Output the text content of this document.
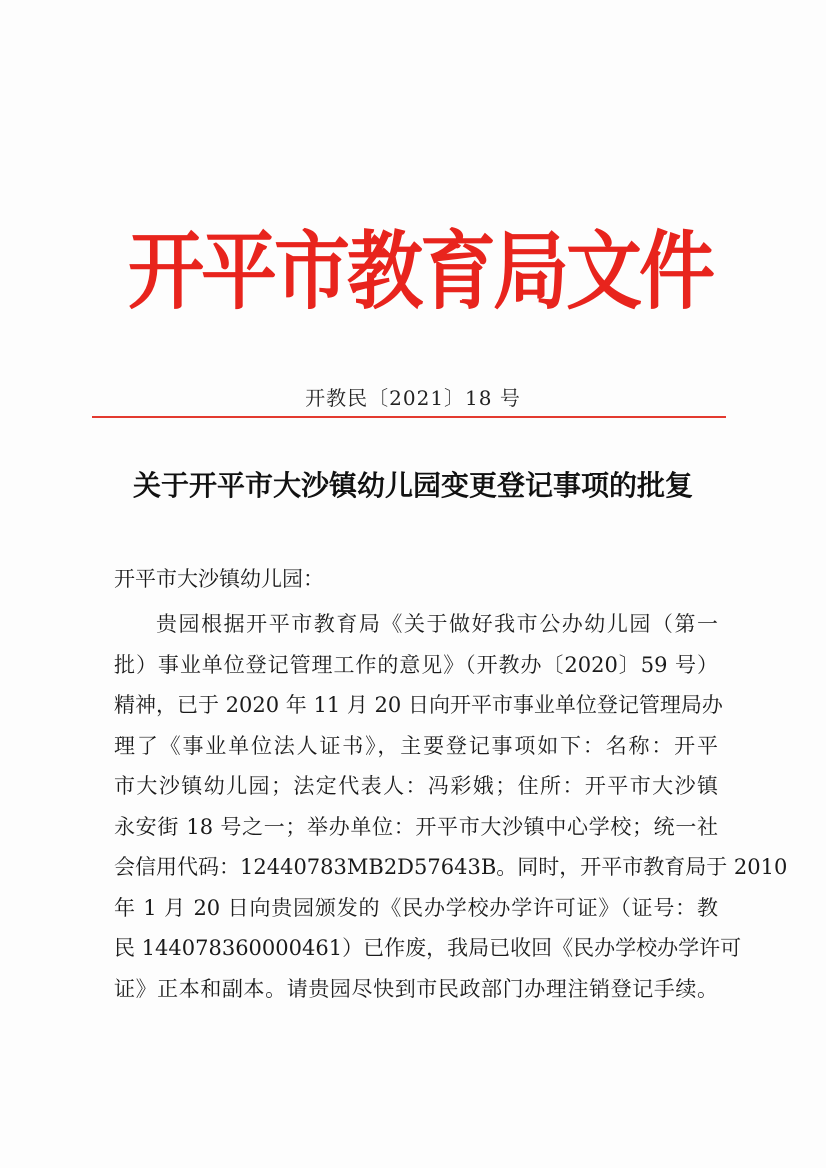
开平市教育局文件
开教民〔2021〕18 号
关于开平市大沙镇幼儿园变更登记事项的批复
开平市大沙镇幼儿园：
贵园根据开平市教育局《关于做好我市公办幼儿园（第一
批）事业单位登记管理工作的意见》（开教办〔2020〕59 号）
精神，已于 2020 年 11 月 20 日向开平市事业单位登记管理局办
理了《事业单位法人证书》，主要登记事项如下：名称：开平
市大沙镇幼儿园；法定代表人：冯彩娥；住所：开平市大沙镇
永安街 18 号之一；举办单位：开平市大沙镇中心学校；统一社
会信用代码：12440783MB2D57643B。同时，开平市教育局于 2010
年 1 月 20 日向贵园颁发的《民办学校办学许可证》（证号：教
民 144078360000461）已作废，我局已收回《民办学校办学许可
证》正本和副本。请贵园尽快到市民政部门办理注销登记手续。
